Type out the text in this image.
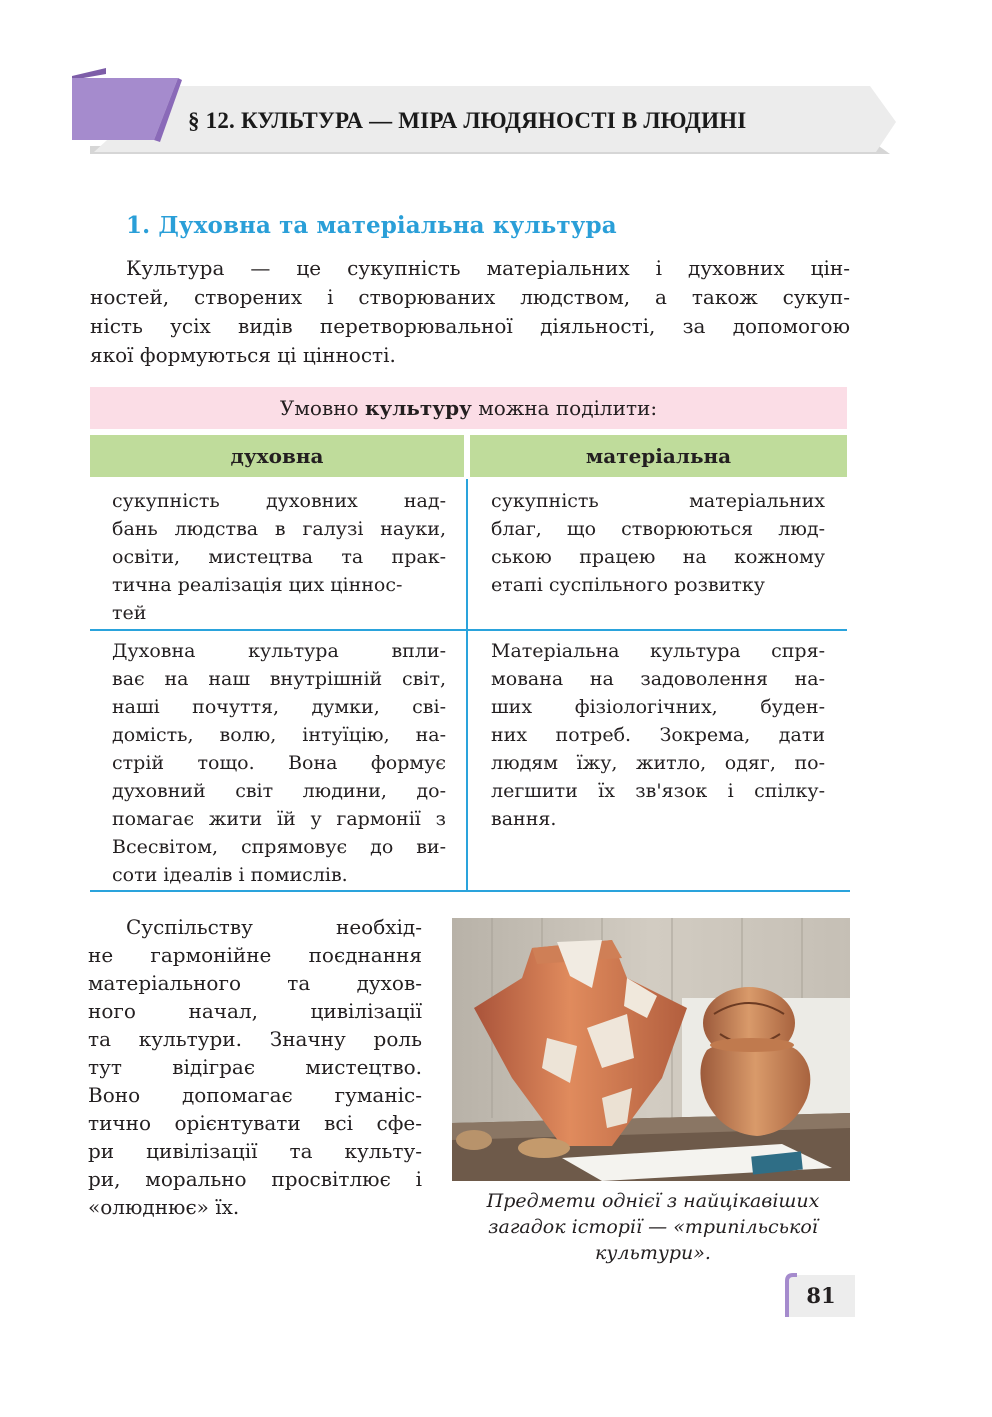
§ 12. КУЛЬТУРА — МІРА ЛЮДЯНОСТІ В ЛЮДИНІ
1. Духовна та матеріальна культура
Культура — це сукупність матеріальних і духовних цін-
ностей, створених і створюваних людством, а також сукуп-
ність усіх видів перетворювальної діяльності, за допомогою
якої формуються ці цінності.
Умовно культуру можна поділити:
духовна	матеріальна
сукупність духовних над-
бань людства в галузі науки,
освіти, мистецтва та прак-
тична реалізація цих ціннос-
тей
сукупність матеріальних
благ, що створюються люд-
ською працею на кожному
етапі суспільного розвитку
Духовна культура впли-
ває на наш внутрішній світ,
наші почуття, думки, сві-
домість, волю, інтуїцію, на-
стрій тощо. Вона формує
духовний світ людини, до-
помагає жити їй у гармонії з
Всесвітом, спрямовує до ви-
соти ідеалів і помислів.
Матеріальна культура спря-
мована на задоволення на-
ших фізіологічних, буден-
них потреб. Зокрема, дати
людям їжу, житло, одяг, по-
легшити їх зв'язок і спілку-
вання.
Суспільству необхід-
не гармонійне поєднання
матеріального та духов-
ного начал, цивілізації
та культури. Значну роль
тут відіграє мистецтво.
Воно допомагає гуманіс-
тично орієнтувати всі сфе-
ри цивілізації та культу-
ри, морально просвітлює і
«олюднює» їх.	Предмети однієї з найцікавіших
загадок історії — «трипільської
культури».
81
